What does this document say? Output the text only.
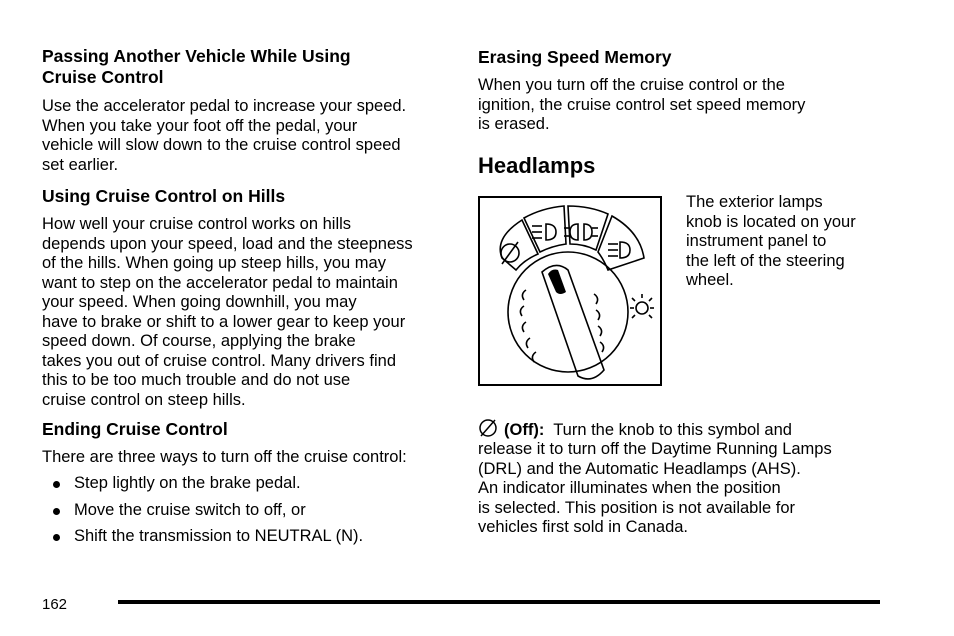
Passing Another Vehicle While Using
Cruise Control

Use the accelerator pedal to increase your speed.
When you take your foot off the pedal, your
vehicle will slow down to the cruise control speed
set earlier.

Using Cruise Control on Hills

How well your cruise control works on hills
depends upon your speed, load and the steepness
of the hills. When going up steep hills, you may
want to step on the accelerator pedal to maintain
your speed. When going downhill, you may
have to brake or shift to a lower gear to keep your
speed down. Of course, applying the brake
takes you out of cruise control. Many drivers find
this to be too much trouble and do not use
cruise control on steep hills.

Ending Cruise Control

There are three ways to turn off the cruise control:

Step lightly on the brake pedal.
Move the cruise switch to off, or
Shift the transmission to NEUTRAL (N).
Erasing Speed Memory

When you turn off the cruise control or the
ignition, the cruise control set speed memory
is erased.

Headlamps

The exterior lamps
knob is located on your
instrument panel to
the left of the steering
wheel.

(Off): Turn the knob to this symbol and

release it to turn off the Daytime Running Lamps
(DRL) and the Automatic Headlamps (AHS).
An indicator illuminates when the position
is selected. This position is not available for
vehicles first sold in Canada.

162
